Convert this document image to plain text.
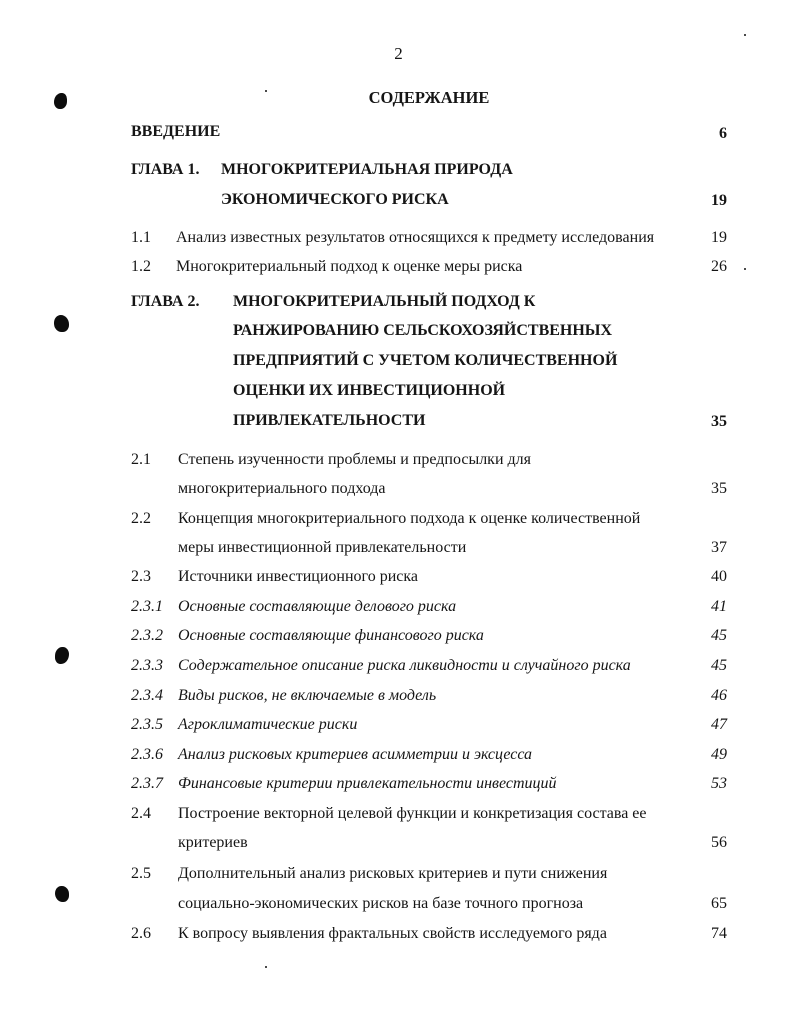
2
СОДЕРЖАНИЕ
ВВЕДЕНИЕ	6
ГЛАВА 1. МНОГОКРИТЕРИАЛЬНАЯ ПРИРОДА
ЭКОНОМИЧЕСКОГО РИСКА	19
1.1 Анализ известных результатов относящихся к предмету исследования	19
1.2 Многокритериальный подход к оценке меры риска	26
ГЛАВА 2. МНОГОКРИТЕРИАЛЬНЫЙ ПОДХОД К
РАНЖИРОВАНИЮ СЕЛЬСКОХОЗЯЙСТВЕННЫХ
ПРЕДПРИЯТИЙ С УЧЕТОМ КОЛИЧЕСТВЕННОЙ
ОЦЕНКИ ИХ ИНВЕСТИЦИОННОЙ
ПРИВЛЕКАТЕЛЬНОСТИ	35
2.1 Степень изученности проблемы и предпосылки для
многокритериального подхода	35
2.2 Концепция многокритериального подхода к оценке количественной
меры инвестиционной привлекательности	37
2.3 Источники инвестиционного риска	40
2.3.1 Основные составляющие делового риска	41
2.3.2 Основные составляющие финансового риска	45
2.3.3 Содержательное описание риска ликвидности и случайного риска	45
2.3.4 Виды рисков, не включаемые в модель	46
2.3.5 Агроклиматические риски	47
2.3.6 Анализ рисковых критериев асимметрии и эксцесса	49
2.3.7 Финансовые критерии привлекательности инвестиций	53
2.4 Построение векторной целевой функции и конкретизация состава ее
критериев	56
2.5 Дополнительный анализ рисковых критериев и пути снижения
социально-экономических рисков на базе точного прогноза	65
2.6 К вопросу выявления фрактальных свойств исследуемого ряда	74
